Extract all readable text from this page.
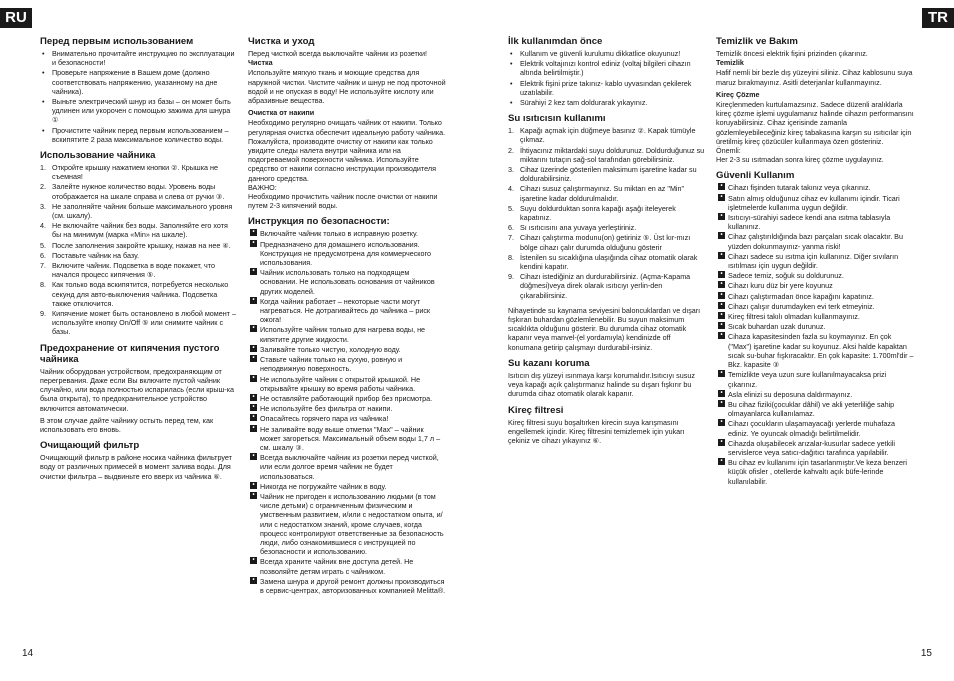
RU	TR
Перед первым использованием
• Внимательно прочитайте инструкцию по эксплуатации и безопасности!
• Проверьте напряжение в Вашем доме (должно соответствовать напряжению, указанному на дне чайника).
• Выньте электрический шнур из базы – он может быть удлинен или укорочен с помощью зажима для шнура ①
• Прочистите чайник перед первым использованием – вскипятите 2 раза максимальное количество воды.
Использование чайника
Откройте крышку нажатием кнопки ②. Крышка не съемная!
Залейте нужное количество воды. Уровень воды отображается на шкале справа и слева от ручки ③.
Не заполняйте чайник больше максимального уровня (см. шкалу).
Не включайте чайник без воды. Заполняйте его хотя бы на минимум (марка «Min» на шкале).
После заполнения закройте крышку, нажав на нее ④.
Поставьте чайник на базу.
Включите чайник. Подсветка в воде покажет, что начался процесс кипячения ⑤.
Как только вода вскипятится, потребуется несколько секунд для авто-выключения чайника. Подсветка также отключится.
Кипячение может быть остановлено в любой момент – используйте кнопку On/Off ⑤ или снимите чайник с базы.
Предохранение от кипячения пустого чайника

Чайник оборудован устройством, предохраняющим от перегревания. Даже если Вы включите пустой чайник случайно, или вода полностью испарилась (если крыш-ка была открыта), то предохранительное устройство включится автоматически.

В этом случае дайте чайнику остыть перед тем, как использовать его вновь.

Очищающий фильтр

Очищающий фильтр в районе носика чайника фильтрует воду от различных примесей в момент залива воды. Для очистки фильтра – выдвиньте его вверх из чайника ⑥.

Чистка и уход

Перед чисткой всегда выключайте чайник из розетки!

Чистка

Используйте мягкую ткань и моющие средства для наружной чистки. Чистите чайник и шнур не под проточной водой и не опуская в воду! Не используйте кислоту или абразивные вещества.

Очистка от накипи

Необходимо регулярно очищать чайник от накипи. Только регулярная очистка обеспечит идеальную работу чайника. Пожалуйста, производите очистку от накипи как только увидите следы налета внутри чайника или на подогреваемой поверхности чайника. Используйте средство от накипи согласно инструкции производителя данного средства.

ВАЖНО:

Необходимо прочистить чайник после очистки от накипи путем 2-3 кипячений воды.

Инструкция по безопасности:
• Включайте чайник только в исправную розетку.
• Предназначено для домашнего использования. Конструкция не предусмотрена для коммерческого использования.
• Чайник использовать только на подходящем основании. Не использовать основания от чайников других моделей.
• Когда чайник работает – некоторые части могут нагреваться. Не дотрагивайтесь до чайника – риск ожога!
• Используйте чайник только для нагрева воды, не кипятите другие жидкости.
• Заливайте только чистую, холодную воду.
• Ставьте чайник только на сухую, ровную и неподвижную поверхность.
• Не используйте чайник с открытой крышкой. Не открывайте крышку во время работы чайника.
• Не оставляйте работающий прибор без присмотра.
• Не используйте без фильтра от накипи.
• Опасайтесь горячего пара из чайника!
• Не заливайте воду выше отметки "Max" – чайник может загореться. Максимальный объем воды 1,7 л – см. шкалу ③.
• Всегда выключайте чайник из розетки перед чисткой, или если долгое время чайник не будет использоваться.
• Никогда не погружайте чайник в воду.
• Чайник не пригоден к использованию людьми (в том числе детьми) с ограниченным физическим и умственным развитием, и/или с недостатком опыта, и/или с недостатком знаний, кроме случаев, когда процесс контролируют ответственные за безопасность люди, либо ознакомившиеся с инструкцией по безопасности и использованию.
• Всегда храните чайник вне доступа детей. Не позволяйте детям играть с чайником.
• Замена шнура и другой ремонт должны производиться в сервис-центрах, авторизованных компанией Melitta®.
İlk kullanımdan önce
• Kullanım ve güvenli kurulumu dikkatlice okuyunuz!
• Elektrik voltajınızı kontrol ediniz (voltaj bilgileri cihazın altında belirtilmiştir.)
• Elektrik fişini prize takınız- kablo uyvasından çekilerek uzatılabilir.
• Sürahiyi 2 kez tam doldurarak yıkayınız.
Su ısıtıcısın kullanımı
Kapağı açmak için düğmeye basınız ②. Kapak tümüyle çıkmaz.
İhtiyacınız miktardaki suyu doldurunuz. Doldurduğunuz su miktarını tutaçın sağ-sol tarafından görebilirsiniz.
Cihaz üzerinde gösterilen maksimum işaretine kadar su doldurabilirsiniz.
Cihazı susuz çalıştırmayınız. Su miktarı en az "Min" işaretine kadar doldurulmalıdır.
Suyu doldurduktan sonra kapağı aşağı iteleyerek kapatınız.
Sı ısıtıcısını ana yuvaya yerleştiriniz.
Cihazı çalıştırma modunu(on) getiriniz ⑤. Üst kır-mızı bölge cihazı çalır durumda olduğunu gösterir
İstenilen su sıcaklığına ulaşığında cihaz otomatik olarak kendini kapatır.
Cihazı istediğiniz an durdurabilirsiniz. (Açma-Kapama düğmesi)veya direk olarak ısıtıcıyı yerlin-den çıkarabilirsiniz.

Nihayetinde su kaynama seviyesini baloncuklardan ve dışarı fışkıran buhardan gözlemlenebilir. Bu suyun maksimum sıcaklıkta olduğunu gösterir. Bu durumda cihaz otomatik kapanır veya manvel-(el yordamıyla) kendinizde off konumana getirip çalışmayı durdurabil-irsiniz.

Su kazanı koruma

Isıtıcın dış yüzeyi ısınmaya karşı korumalıdır.Isıtıcıyı susuz veya kapağı açık çalıştırmanız halinde su dışarı fışkırır bu durumda cihaz otomatik olarak kapanır.

Kireç filtresi

Kireç filtresi suyu boşaltırken kirecin suya karışmasını engellemek içindir. Kireç filtresini temizlemek için yukarı çekiniz ve cihazı yıkayınız ⑥.

Temizlik ve Bakım

Temizlik öncesi elektrik fişini prizinden çıkarınız.

Temizlik

Hafif nemli bir bezle dış yüzeyini siliniz. Cihaz kablosunu suya maruz bırakmayınız. Asitli deterjanlar kullanmayınız.

Kireç Çözme

Kireçlenmeden kurtulamazsınız. Sadece düzenli aralıklarla kireç çözme işlemi uygulamanız halinde cihazın performansını koruyabilirsiniz. Cihaz içerisinde zamanla gözlemleyebileceğiniz kireç tabakasına karşın su ısıtıcılar için üretilmiş kireç çözücüler kullanmaya özen gösteriniz.

Önemli:

Her 2-3 su ısıtmadan sonra kireç çözme uygulayınız.

Güvenli Kullanım
• Cihazı fişinden tutarak takınız veya çıkarınız.
• Satın almış olduğunuz cihaz ev kullanımı içindir. Ticari işletmelerde kullanıma uygun değildir.
• Isıtıcıyı-sürahiyi sadece kendi ana ısıtma tablasıyla kullanınız.
• Cihaz çalıştırıldığında bazı parçaları sıcak olacaktır. Bu yüzden dokunmayınız- yanma riski!
• Cihazı sadece su ısıtma için kullanınız. Diğer sıvıların ısıtılması için uygun değildir.
• Sadece temiz, soğuk su doldurunuz.
• Cihazı kuru düz bir yere koyunuz
• Cihazı çalıştırmadan önce kapağını kapatınız.
• Cihazı çalışır durumdayken evi terk etmeyiniz.
• Kireç filtresi takılı olmadan kullanmayınız.
• Sıcak buhardan uzak durunuz.
• Cihaza kapasitesinden fazla su koymayınız. En çok ("Max") işaretine kadar su koyunuz. Aksi halde kapaktan sıcak su-buhar fışkıracaktır. En çok kapasite: 1.700ml'dir –Bkz. kapasite ③
• Temizlikte veya uzun sure kullanılmayacaksa prizi çıkarınız.
• Asla elinizi su deposuna daldırmayınız.
• Bu cihaz fiziki(çocuklar dâhil) ve akli yeterliliğe sahip olmayanlarca kullanılamaz.
• Cihazı çocukların ulaşamayacağı yerlerde muhafaza ediniz. Ye oyuncak olmadığı belirtilmelidir.
• Cihazda oluşabilecek arızalar-kusurlar sadece yetkili servislerce veya satıcı-dağıtıcı tarafınca yapılabilir.
• Bu cihaz ev kullanımı için tasarlanmıştır.Ve keza benzeri küçük ofisler , otellerde kahvaltı açık büfe-lerinde kullanılabilir.
14	15
